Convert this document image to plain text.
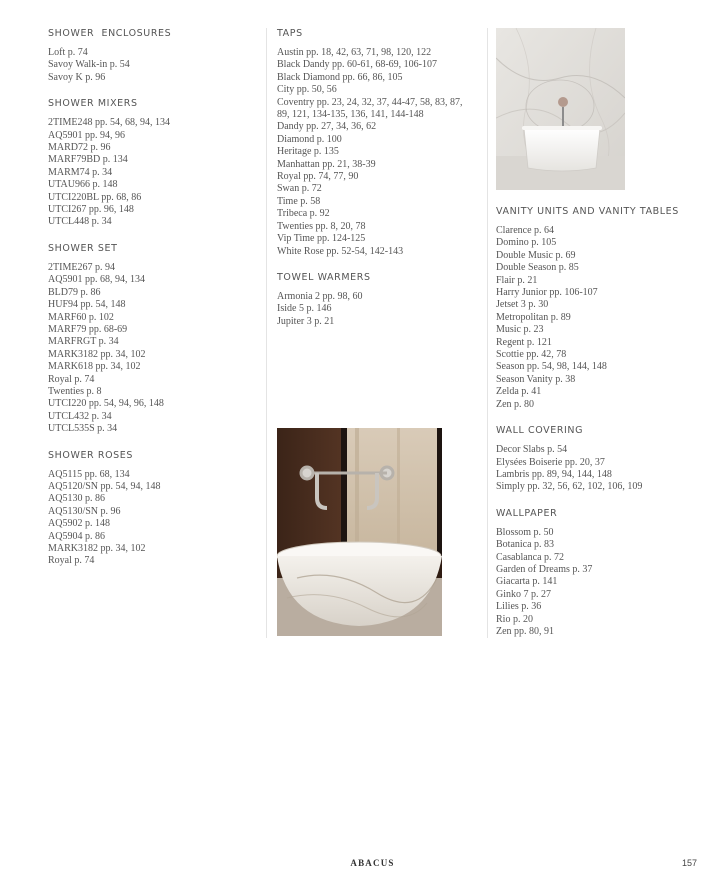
SHOWER  ENCLOSURES
Loft p. 74
Savoy Walk-in p. 54
Savoy K p. 96
SHOWER MIXERS
2TIME248 pp. 54, 68, 94, 134
AQ5901 pp. 94, 96
MARD72 p. 96
MARF79BD p. 134
MARM74 p. 34
UTAU966 p. 148
UTCI220BL pp. 68, 86
UTCI267 pp. 96, 148
UTCL448 p. 34
SHOWER SET
2TIME267 p. 94
AQ5901 pp. 68, 94, 134
BLD79 p. 86
HUF94 pp. 54, 148
MARF60 p. 102
MARF79 pp. 68-69
MARFRGT p. 34
MARK3182 pp. 34, 102
MARK618 pp. 34, 102
Royal p. 74
Twenties p. 8
UTCI220 pp. 54, 94, 96, 148
UTCL432 p. 34
UTCL535S p. 34
SHOWER ROSES
AQ5115 pp. 68, 134
AQ5120/SN pp. 54, 94, 148
AQ5130 p. 86
AQ5130/SN p. 96
AQ5902 p. 148
AQ5904 p. 86
MARK3182 pp. 34, 102
Royal p. 74
TAPS
Austin pp. 18, 42, 63, 71, 98, 120, 122
Black Dandy pp. 60-61, 68-69, 106-107
Black Diamond pp. 66, 86, 105
City pp. 50, 56
Coventry pp. 23, 24, 32, 37, 44-47, 58, 83, 87, 89, 121, 134-135, 136, 141, 144-148
Dandy pp. 27, 34, 36, 62
Diamond p. 100
Heritage p. 135
Manhattan pp. 21, 38-39
Royal pp. 74, 77, 90
Swan p. 72
Time p. 58
Tribeca p. 92
Twenties pp. 8, 20, 78
Vip Time pp. 124-125
White Rose pp. 52-54, 142-143
TOWEL WARMERS
Armonia 2 pp. 98, 60
Iside 5 p. 146
Jupiter 3 p. 21
VANITY UNITS AND VANITY TABLES
Clarence p. 64
Domino p. 105
Double Music p. 69
Double Season p. 85
Flair p. 21
Harry Junior pp. 106-107
Jetset 3 p. 30
Metropolitan p. 89
Music p. 23
Regent p. 121
Scottie pp. 42, 78
Season pp. 54, 98, 144, 148
Season Vanity p. 38
Zelda p. 41
Zen p. 80
WALL COVERING
Decor Slabs p. 54
Elysées Boiserie pp. 20, 37
Lambris pp. 89, 94, 144, 148
Simply pp. 32, 56, 62, 102, 106, 109
WALLPAPER
Blossom p. 50
Botanica p. 83
Casablanca p. 72
Garden of Dreams p. 37
Giacarta p. 141
Ginko 7 p. 27
Lilies p. 36
Rio p. 20
Zen pp. 80, 91
ABACUS	157
